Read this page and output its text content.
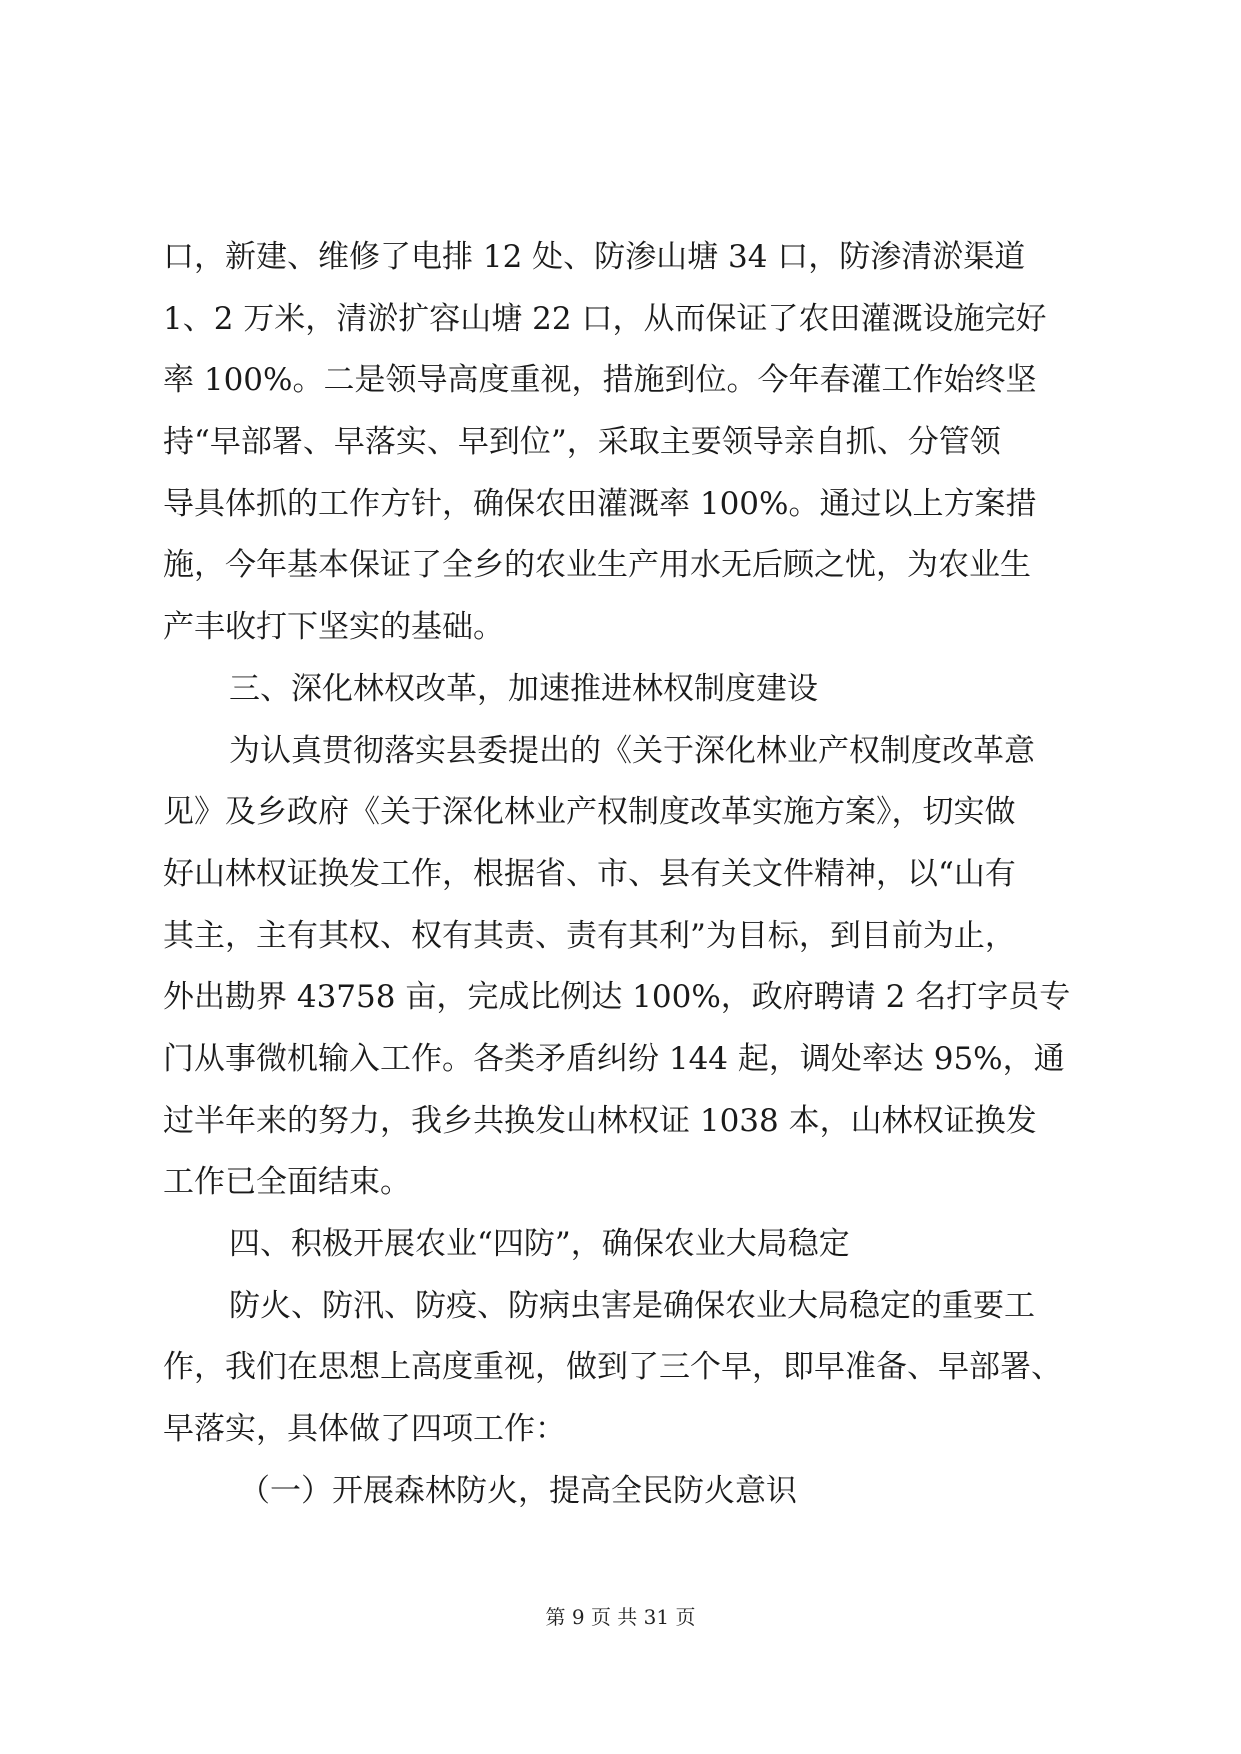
口，新建、维修了电排 12 处、防渗山塘 34 口，防渗清淤渠道
1、2 万米，清淤扩容山塘 22 口，从而保证了农田灌溉设施完好
率 100%。二是领导高度重视，措施到位。今年春灌工作始终坚
持“早部署、早落实、早到位”，采取主要领导亲自抓、分管领
导具体抓的工作方针，确保农田灌溉率 100%。通过以上方案措
施，今年基本保证了全乡的农业生产用水无后顾之忧，为农业生
产丰收打下坚实的基础。
三、深化林权改革，加速推进林权制度建设
为认真贯彻落实县委提出的《关于深化林业产权制度改革意
见》及乡政府《关于深化林业产权制度改革实施方案》，切实做
好山林权证换发工作，根据省、市、县有关文件精神，以“山有
其主，主有其权、权有其责、责有其利”为目标，到目前为止，
外出勘界 43758 亩，完成比例达 100%，政府聘请 2 名打字员专
门从事微机输入工作。各类矛盾纠纷 144 起，调处率达 95%，通
过半年来的努力，我乡共换发山林权证 1038 本，山林权证换发
工作已全面结束。
四、积极开展农业“四防”，确保农业大局稳定
防火、防汛、防疫、防病虫害是确保农业大局稳定的重要工
作，我们在思想上高度重视，做到了三个早，即早准备、早部署、
早落实，具体做了四项工作：
（一）开展森林防火，提高全民防火意识
第 9 页 共 31 页
